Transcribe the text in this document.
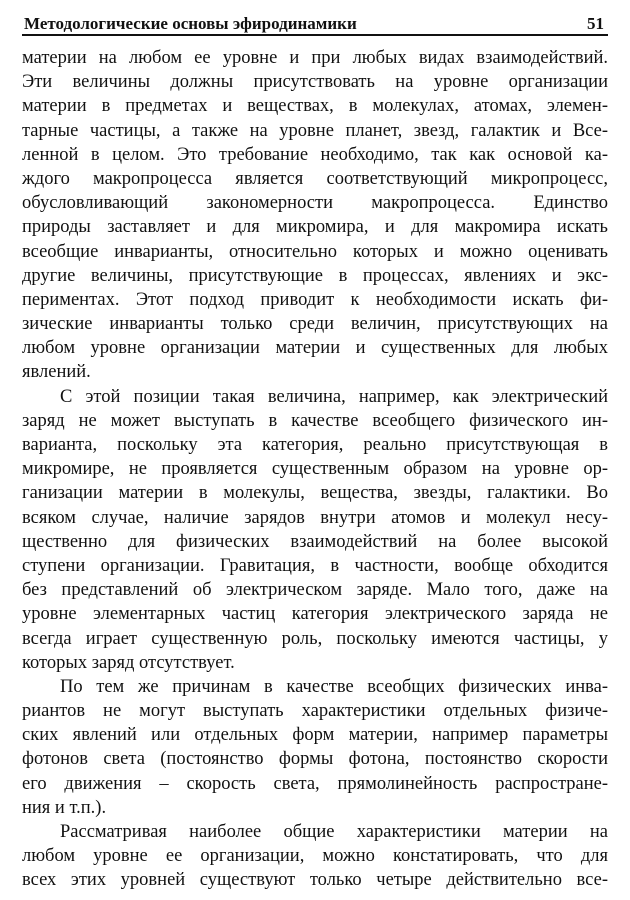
Методологические основы эфиродинамики	51
материи на любом ее уровне и при любых видах взаимодействий.
Эти величины должны присутствовать на уровне организации
материи в предметах и веществах, в молекулах, атомах, элемен-
тарные частицы, а также на уровне планет, звезд, галактик и Все-
ленной в целом. Это требование необходимо, так как основой ка-
ждого макропроцесса является соответствующий микропроцесс,
обусловливающий закономерности макропроцесса. Единство
природы заставляет и для микромира, и для макромира искать
всеобщие инварианты, относительно которых и можно оценивать
другие величины, присутствующие в процессах, явлениях и экс-
периментах. Этот подход приводит к необходимости искать фи-
зические инварианты только среди величин, присутствующих на
любом уровне организации материи и существенных для любых
явлений.
С этой позиции такая величина, например, как электрический
заряд не может выступать в качестве всеобщего физического ин-
варианта, поскольку эта категория, реально присутствующая в
микромире, не проявляется существенным образом на уровне ор-
ганизации материи в молекулы, вещества, звезды, галактики. Во
всяком случае, наличие зарядов внутри атомов и молекул несу-
щественно для физических взаимодействий на более высокой
ступени организации. Гравитация, в частности, вообще обходится
без представлений об электрическом заряде. Мало того, даже на
уровне элементарных частиц категория электрического заряда не
всегда играет существенную роль, поскольку имеются частицы, у
которых заряд отсутствует.
По тем же причинам в качестве всеобщих физических инва-
риантов не могут выступать характеристики отдельных физиче-
ских явлений или отдельных форм материи, например параметры
фотонов света (постоянство формы фотона, постоянство скорости
его движения – скорость света, прямолинейность распростране-
ния и т.п.).
Рассматривая наиболее общие характеристики материи на
любом уровне ее организации, можно констатировать, что для
всех этих уровней существуют только четыре действительно все-
